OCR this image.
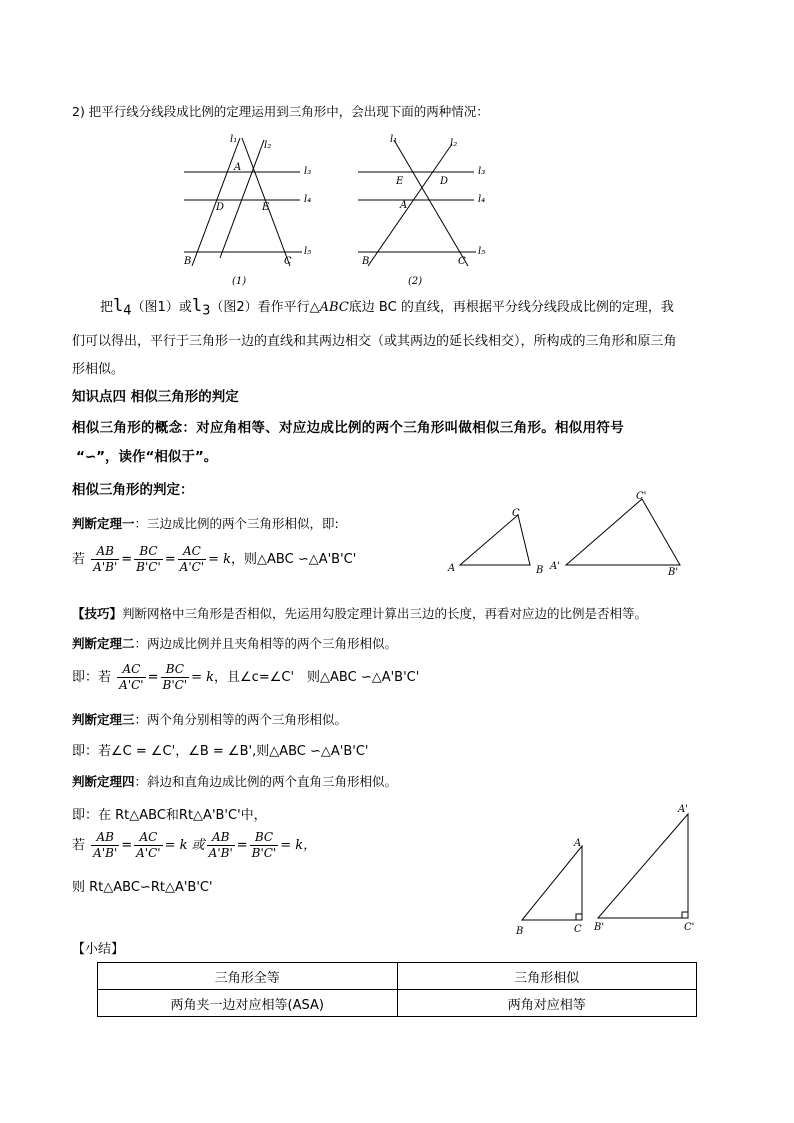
2) 把平行线分线段成比例的定理运用到三角形中，会出现下面的两种情况：
l₁
l₂
l₃
l₄
l₅
A
D	E
B	C
(1)
l₁	l₂
l₃
l₄
l₅
E	D
A
B	C
(2)
把$l_4$（图1）或$l_3$（图2）看作平行△ABC底边 BC 的直线，再根据平分线分线段成比例的定理，我
们可以得出，平行于三角形一边的直线和其两边相交（或其两边的延长线相交），所构成的三角形和原三角
形相似。
知识点四 相似三角形的判定
相似三角形的概念：对应角相等、对应边成比例的两个三角形叫做相似三角形。相似用符号
“∽”，读作“相似于”。
相似三角形的判定：
判断定理一：三边成比例的两个三角形相似，即:
若 $\frac{AB}{A'B'} = \frac{BC}{B'C'} = \frac{AC}{A'C'} = k$，则△ABC ∽△A'B'C'
A	B
C
A'
B'
C'
【技巧】判断网格中三角形是否相似，先运用勾股定理计算出三边的长度，再看对应边的比例是否相等。
判断定理二：两边成比例并且夹角相等的两个三角形相似。
即：若 $\frac{AC}{A'C'} = \frac{BC}{B'C'} = k$，且∠c=∠C'　则△ABC ∽△A'B'C'
判断定理三：两个角分别相等的两个三角形相似。
即：若∠C = ∠C'，∠B = ∠B',则△ABC ∽△A'B'C'
判断定理四：斜边和直角边成比例的两个直角三角形相似。
即：在 Rt△ABC和Rt△A'B'C'中，
若 $\frac{AB}{A'B'} = \frac{AC}{A'C'} = k$ 或 $\frac{AB}{A'B'} = \frac{BC}{B'C'} = k$，
则 Rt△ABC∽Rt△A'B'C'
A
B	C
A'
B'	C'
【小结】
三角形全等	三角形相似
两角夹一边对应相等(ASA)	两角对应相等
